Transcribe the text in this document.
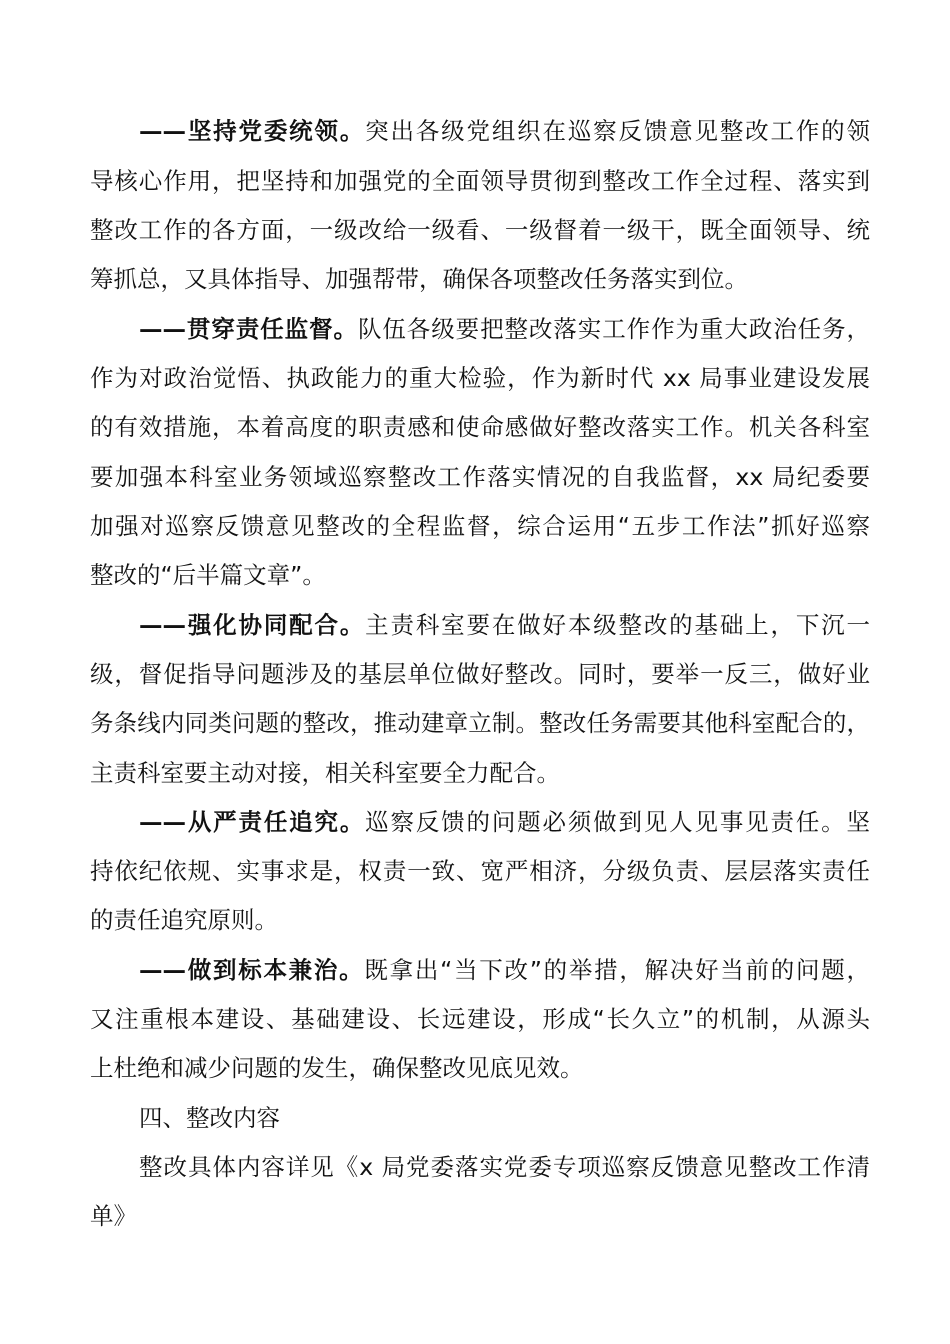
——坚持党委统领。突出各级党组织在巡察反馈意见整改工作的领
导核心作用，把坚持和加强党的全面领导贯彻到整改工作全过程、落实到
整改工作的各方面，一级改给一级看、一级督着一级干，既全面领导、统
筹抓总，又具体指导、加强帮带，确保各项整改任务落实到位。
——贯穿责任监督。队伍各级要把整改落实工作作为重大政治任务，
作为对政治觉悟、执政能力的重大检验，作为新时代 xx 局事业建设发展
的有效措施，本着高度的职责感和使命感做好整改落实工作。机关各科室
要加强本科室业务领域巡察整改工作落实情况的自我监督，xx 局纪委要
加强对巡察反馈意见整改的全程监督，综合运用“五步工作法”抓好巡察
整改的“后半篇文章”。
——强化协同配合。主责科室要在做好本级整改的基础上，下沉一
级，督促指导问题涉及的基层单位做好整改。同时，要举一反三，做好业
务条线内同类问题的整改，推动建章立制。整改任务需要其他科室配合的，
主责科室要主动对接，相关科室要全力配合。
——从严责任追究。巡察反馈的问题必须做到见人见事见责任。坚
持依纪依规、实事求是，权责一致、宽严相济，分级负责、层层落实责任
的责任追究原则。
——做到标本兼治。既拿出“当下改”的举措，解决好当前的问题，
又注重根本建设、基础建设、长远建设，形成“长久立”的机制，从源头
上杜绝和减少问题的发生，确保整改见底见效。
四、整改内容
整改具体内容详见《x 局党委落实党委专项巡察反馈意见整改工作清
单》
